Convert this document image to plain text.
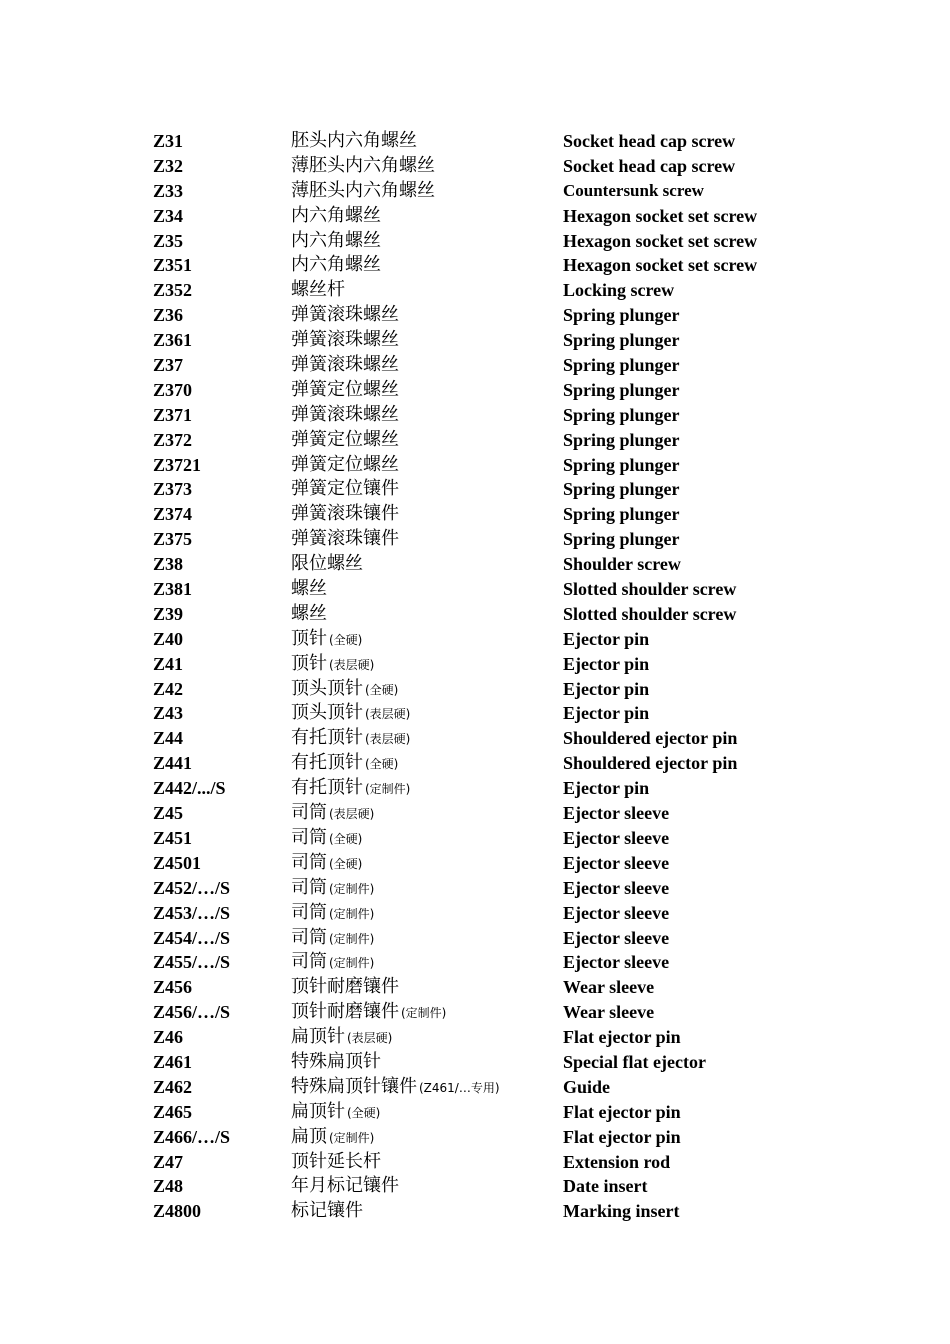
Z31	胚头内六角螺丝	Socket head cap screw
Z32	薄胚头内六角螺丝	Socket head cap screw
Z33	薄胚头内六角螺丝	Countersunk screw
Z34	内六角螺丝	Hexagon socket set screw
Z35	内六角螺丝	Hexagon socket set screw
Z351	内六角螺丝	Hexagon socket set screw
Z352	螺丝杆	Locking screw
Z36	弹簧滚珠螺丝	Spring plunger
Z361	弹簧滚珠螺丝	Spring plunger
Z37	弹簧滚珠螺丝	Spring plunger
Z370	弹簧定位螺丝	Spring plunger
Z371	弹簧滚珠螺丝	Spring plunger
Z372	弹簧定位螺丝	Spring plunger
Z3721	弹簧定位螺丝	Spring plunger
Z373	弹簧定位镶件	Spring plunger
Z374	弹簧滚珠镶件	Spring plunger
Z375	弹簧滚珠镶件	Spring plunger
Z38	限位螺丝	Shoulder screw
Z381	螺丝	Slotted shoulder screw
Z39	螺丝	Slotted shoulder screw
Z40	顶针 (全硬)	Ejector pin
Z41	顶针 (表层硬)	Ejector pin
Z42	顶头顶针 (全硬)	Ejector pin
Z43	顶头顶针 (表层硬)	Ejector pin
Z44	有托顶针 (表层硬)	Shouldered ejector pin
Z441	有托顶针 (全硬)	Shouldered ejector pin
Z442/.../S	有托顶针 (定制件)	Ejector pin
Z45	司筒 (表层硬)	Ejector sleeve
Z451	司筒 (全硬)	Ejector sleeve
Z4501	司筒 (全硬)	Ejector sleeve
Z452/…/S	司筒 (定制件)	Ejector sleeve
Z453/…/S	司筒 (定制件)	Ejector sleeve
Z454/…/S	司筒 (定制件)	Ejector sleeve
Z455/…/S	司筒 (定制件)	Ejector sleeve
Z456	顶针耐磨镶件	Wear sleeve
Z456/…/S	顶针耐磨镶件 (定制件)	Wear sleeve
Z46	扁顶针 (表层硬)	Flat ejector pin
Z461	特殊扁顶针	Special flat ejector
Z462	特殊扁顶针镶件 (Z461/…专用)	Guide
Z465	扁顶针 (全硬)	Flat ejector pin
Z466/…/S	扁顶 (定制件)	Flat ejector pin
Z47	顶针延长杆	Extension rod
Z48	年月标记镶件	Date insert
Z4800	标记镶件	Marking insert
